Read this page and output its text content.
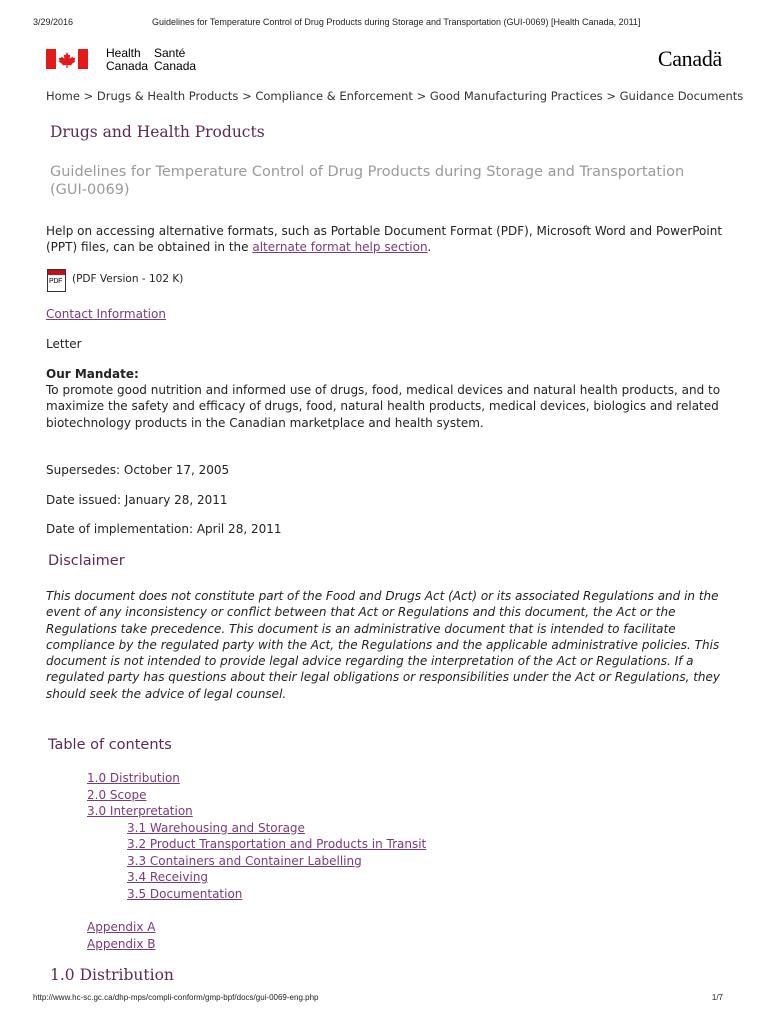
3/29/2016	Guidelines for Temperature Control of Drug Products during Storage and Transportation (GUI-0069) [Health Canada, 2011]
Health
Canada
Santé
Canada	Canadä
Home > Drugs & Health Products > Compliance & Enforcement > Good Manufacturing Practices > Guidance Documents
Drugs and Health Products
Guidelines for Temperature Control of Drug Products during Storage and Transportation (GUI-0069)
Help on accessing alternative formats, such as Portable Document Format (PDF), Microsoft Word and PowerPoint (PPT) files, can be obtained in the alternate format help section.
PDF (PDF Version - 102 K)
Contact Information
Letter
Our Mandate:
To promote good nutrition and informed use of drugs, food, medical devices and natural health products, and to maximize the safety and efficacy of drugs, food, natural health products, medical devices, biologics and related biotechnology products in the Canadian marketplace and health system.
Supersedes: October 17, 2005
Date issued: January 28, 2011
Date of implementation: April 28, 2011
Disclaimer
This document does not constitute part of the Food and Drugs Act (Act) or its associated Regulations and in the event of any inconsistency or conflict between that Act or Regulations and this document, the Act or the Regulations take precedence. This document is an administrative document that is intended to facilitate compliance by the regulated party with the Act, the Regulations and the applicable administrative policies. This document is not intended to provide legal advice regarding the interpretation of the Act or Regulations. If a regulated party has questions about their legal obligations or responsibilities under the Act or Regulations, they should seek the advice of legal counsel.
Table of contents
1.0 Distribution
2.0 Scope
3.0 Interpretation
3.1 Warehousing and Storage
3.2 Product Transportation and Products in Transit
3.3 Containers and Container Labelling
3.4 Receiving
3.5 Documentation
Appendix A
Appendix B
1.0 Distribution
http://www.hc-sc.gc.ca/dhp-mps/compli-conform/gmp-bpf/docs/gui-0069-eng.php	1/7
